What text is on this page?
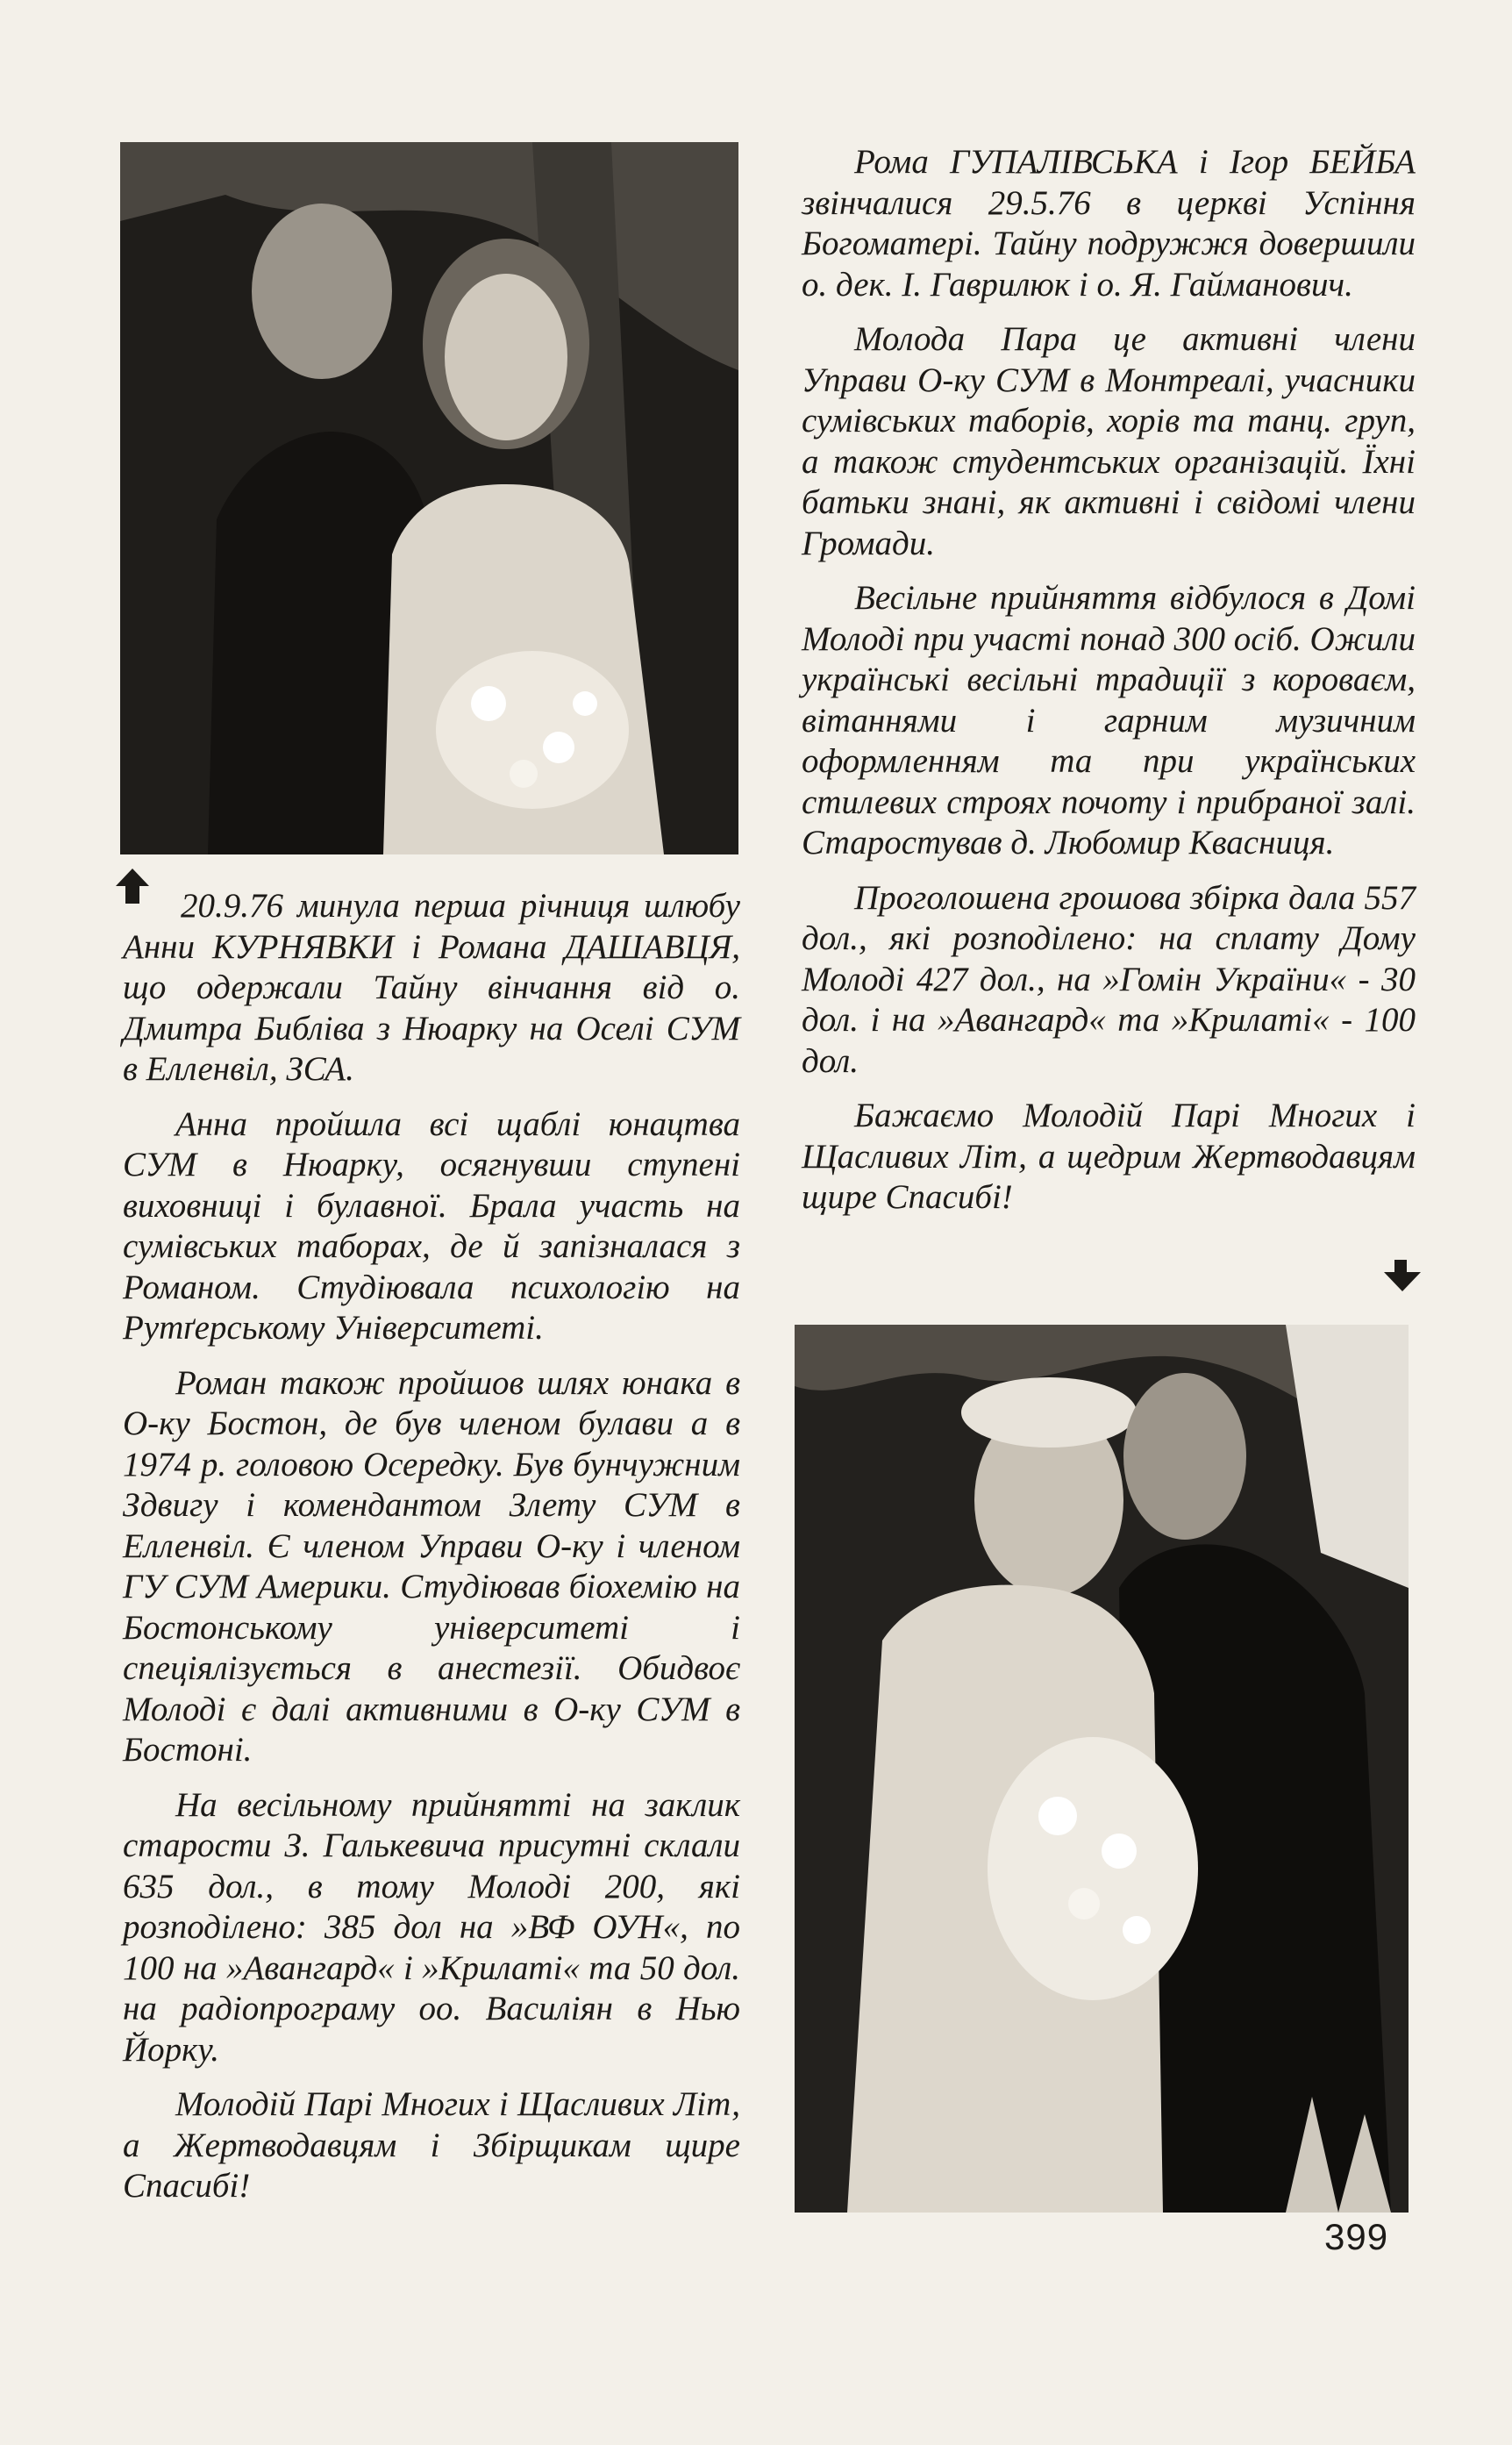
20.9.76 минула перша річниця шлюбу Анни КУРНЯВКИ і Романа ДАШАВЦЯ, що одержали Тайну вінчання від о. Дмитра Библіва з Нюарку на Оселі СУМ в Елленвіл, ЗСА.

Анна пройшла всі щаблі юнацтва СУМ в Нюарку, осягнувши ступені виховниці і булавної. Брала участь на сумівських таборах, де й запізналася з Романом. Студіювала психологію на Рутґерському Університеті.

Роман також пройшов шлях юнака в О-ку Бостон, де був членом булави а в 1974 р. головою Осередку. Був бунчужним Здвигу і комендантом Злету СУМ в Елленвіл. Є членом Управи О-ку і членом ГУ СУМ Америки. Студіював біохемію на Бостонському університеті і спеціялізується в анестезії. Обидвоє Молоді є далі активними в О-ку СУМ в Бостоні.

На весільному прийнятті на заклик старости З. Галькевича присутні склали 635 дол., в тому Молоді 200, які розподілено: 385 дол на »ВФ ОУН«, по 100 на »Авангард« і »Крилаті« та 50 дол. на радіопрограму оо. Василіян в Нью Йорку.

Молодій Парі Многих і Щасливих Літ, а Жертводавцям і Збірщикам щире Спасибі!

Рома ГУПАЛІВСЬКА і Ігор БЕЙБА звінчалися 29.5.76 в церкві Успіння Богоматері. Тайну подружжя довершили о. дек. І. Гаврилюк і о. Я. Гайманович.

Молода Пара це активні члени Управи О-ку СУМ в Монтреалі, учасники сумівських таборів, хорів та танц. груп, а також студентських організацій. Їхні батьки знані, як активні і свідомі члени Громади.

Весільне прийняття відбулося в Домі Молоді при участі понад 300 осіб. Ожили українські весільні традиції з короваєм, вітаннями і гарним музичним оформленням та при українських стилевих строях почоту і прибраної залі. Старостував д. Любомир Квасниця.

Проголошена грошова збірка дала 557 дол., які розподілено: на сплату Дому Молоді 427 дол., на »Гомін України« - 30 дол. і на »Авангард« та »Крилаті« - 100 дол.

Бажаємо Молодій Парі Многих і Щасливих Літ, а щедрим Жертводавцям щире Спасибі!

399
